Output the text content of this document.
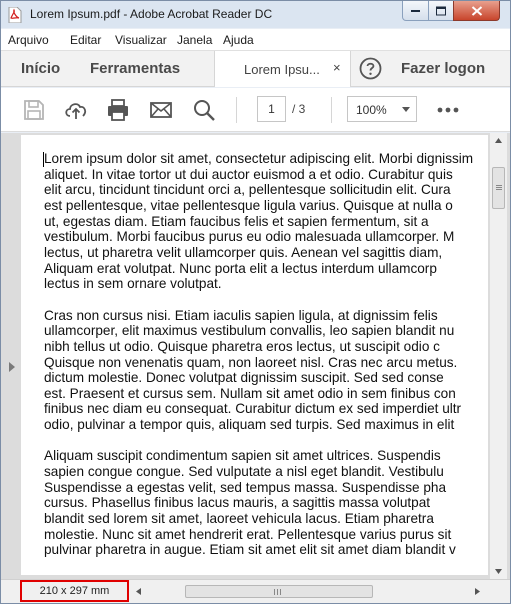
Lorem Ipsum.pdf - Adobe Acrobat Reader DC
Arquivo Editar Visualizar Janela Ajuda
Início Ferramentas	Lorem Ipsu... ×	Fazer logon
1	/ 3	100%
Lorem ipsum dolor sit amet, consectetur adipiscing elit. Morbi dignissim
aliquet. In vitae tortor ut dui auctor euismod a et odio. Curabitur quis
elit arcu, tincidunt tincidunt orci a, pellentesque sollicitudin elit. Cura
est pellentesque, vitae pellentesque ligula varius. Quisque at nulla o
ut, egestas diam. Etiam faucibus felis et sapien fermentum, sit a
vestibulum. Morbi faucibus purus eu odio malesuada ullamcorper. M
lectus, ut pharetra velit ullamcorper quis. Aenean vel sagittis diam,
Aliquam erat volutpat. Nunc porta elit a lectus interdum ullamcorp
lectus in sem ornare volutpat.
Cras non cursus nisi. Etiam iaculis sapien ligula, at dignissim felis
ullamcorper, elit maximus vestibulum convallis, leo sapien blandit nu
nibh tellus ut odio. Quisque pharetra eros lectus, ut suscipit odio c
Quisque non venenatis quam, non laoreet nisl. Cras nec arcu metus.
dictum molestie. Donec volutpat dignissim suscipit. Sed sed conse
est. Praesent et cursus sem. Nullam sit amet odio in sem finibus con
finibus nec diam eu consequat. Curabitur dictum ex sed imperdiet ultr
odio, pulvinar a tempor quis, aliquam sed turpis. Sed maximus in elit
Aliquam suscipit condimentum sapien sit amet ultrices. Suspendis
sapien congue congue. Sed vulputate a nisl eget blandit. Vestibulu
Suspendisse a egestas velit, sed tempus massa. Suspendisse pha
cursus. Phasellus finibus lacus mauris, a sagittis massa volutpat
blandit sed lorem sit amet, laoreet vehicula lacus. Etiam pharetra
molestie. Nunc sit amet hendrerit erat. Pellentesque varius purus sit
pulvinar pharetra in augue. Etiam sit amet elit sit amet diam blandit v
210 x 297 mm
